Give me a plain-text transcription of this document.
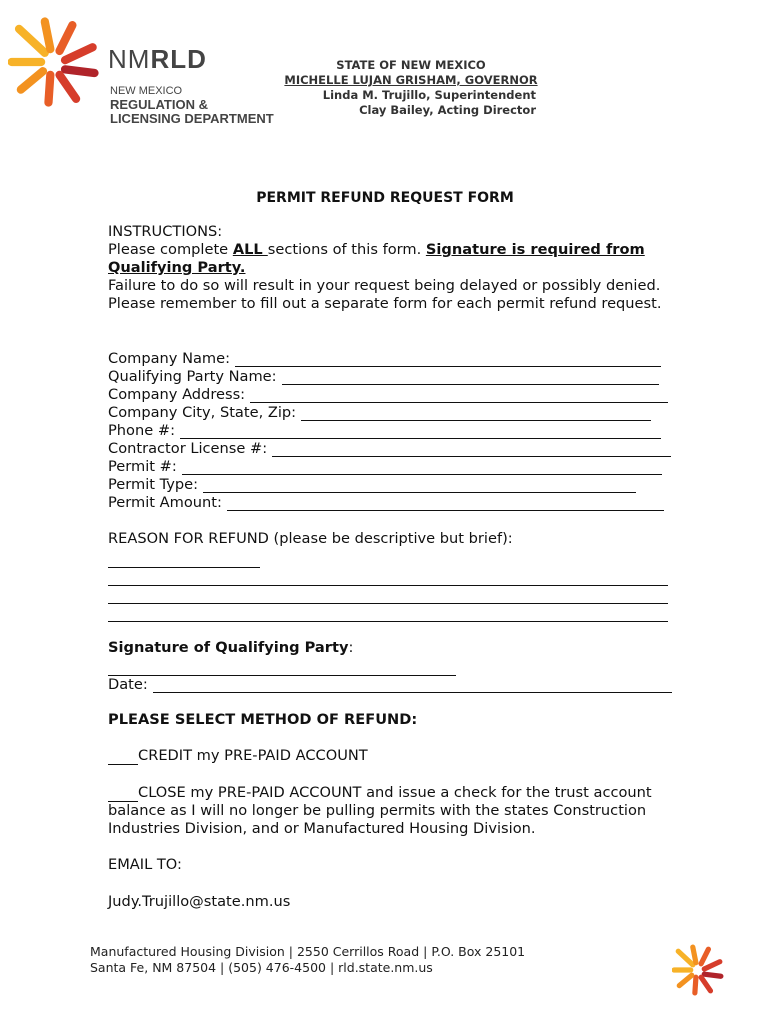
NMRLD
NEW MEXICO
REGULATION &
LICENSING DEPARTMENT
STATE OF NEW MEXICO
MICHELLE LUJAN GRISHAM, GOVERNOR
Linda M. Trujillo, Superintendent
Clay Bailey, Acting Director
PERMIT REFUND REQUEST FORM
INSTRUCTIONS:
Please complete ALL sections of this form. Signature is required from Qualifying Party.
Failure to do so will result in your request being delayed or possibly denied. Please remember to fill out a separate form for each permit refund request.
Company Name:
Qualifying Party Name:
Company Address:
Company City, State, Zip:
Phone #:
Contractor License #:
Permit #:
Permit Type:
Permit Amount:
REASON FOR REFUND (please be descriptive but brief):
Signature of Qualifying Party:
Date:
PLEASE SELECT METHOD OF REFUND:
CREDIT my PRE-PAID ACCOUNT
CLOSE my PRE-PAID ACCOUNT and issue a check for the trust account balance as I will no longer be pulling permits with the states Construction Industries Division, and or Manufactured Housing Division.
EMAIL TO:
Judy.Trujillo@state.nm.us
Manufactured Housing Division | 2550 Cerrillos Road | P.O. Box 25101
Santa Fe, NM 87504 | (505) 476-4500 | rld.state.nm.us
